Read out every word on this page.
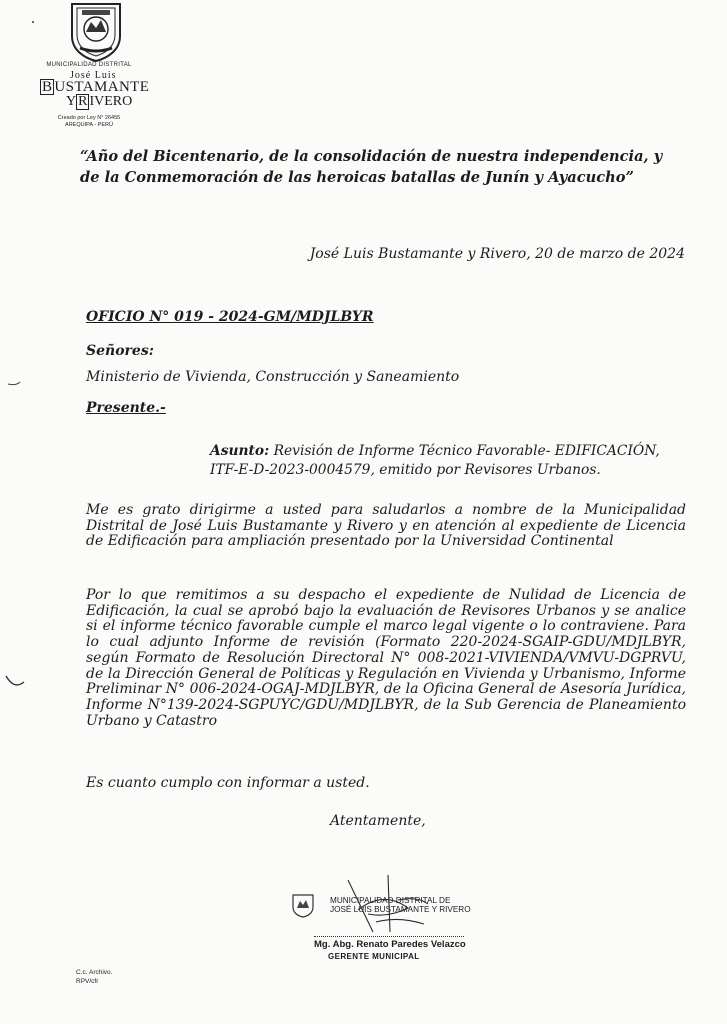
MUNICIPALIDAD DISTRITAL
José Luis
B USTAMANTE
Y R IVERO
Creado por Ley N° 26455
AREQUIPA - PERÚ
“Año del Bicentenario, de la consolidación de nuestra independencia, y de la Conmemoración de las heroicas batallas de Junín y Ayacucho”
José Luis Bustamante y Rivero, 20 de marzo de 2024
OFICIO N° 019 - 2024-GM/MDJLBYR
Señores:
Ministerio de Vivienda, Construcción y Saneamiento
Presente.-
Asunto: Revisión de Informe Técnico Favorable- EDIFICACIÓN, ITF-E-D-2023-0004579, emitido por Revisores Urbanos.
Me es grato dirigirme a usted para saludarlos a nombre de la Municipalidad Distrital de José Luis Bustamante y Rivero y en atención al expediente de Licencia de Edificación para ampliación presentado por la Universidad Continental
Por lo que remitimos a su despacho el expediente de Nulidad de Licencia de Edificación, la cual se aprobó bajo la evaluación de Revisores Urbanos y se analice si el informe técnico favorable cumple el marco legal vigente o lo contraviene. Para lo cual adjunto Informe de revisión (Formato 220-2024-SGAIP-GDU/MDJLBYR, según Formato de Resolución Directoral N° 008-2021-VIVIENDA/VMVU-DGPRVU, de la Dirección General de Políticas y Regulación en Vivienda y Urbanismo, Informe Preliminar N° 006-2024-OGAJ-MDJLBYR, de la Oficina General de Asesoría Jurídica, Informe N°139-2024-SGPUYC/GDU/MDJLBYR, de la Sub Gerencia de Planeamiento Urbano y Catastro
Es cuanto cumplo con informar a usted.
Atentamente,
MUNICIPALIDAD DISTRITAL DE
JOSÉ LUIS BUSTAMANTE Y RIVERO
Mg. Abg. Renato Paredes Velazco
GERENTE MUNICIPAL
C.c. Archivo.
RPV/cfr
